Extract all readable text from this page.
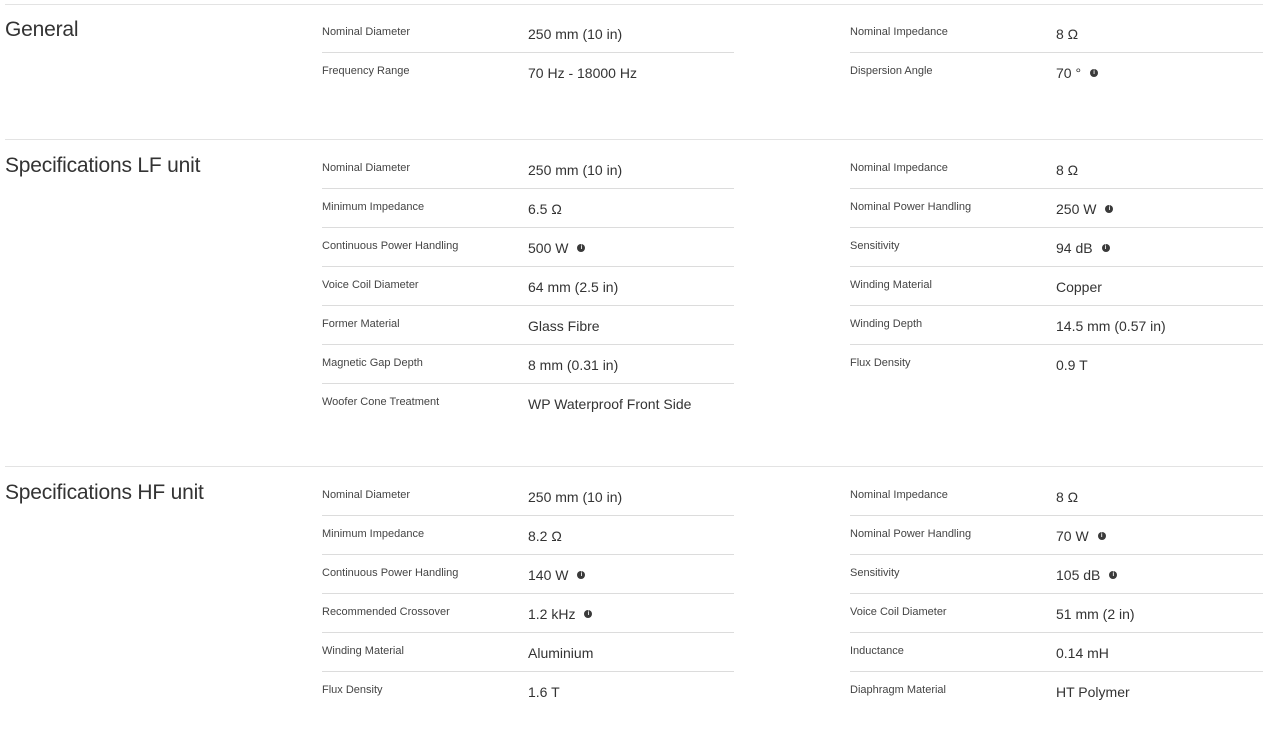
General	Nominal Diameter	250 mm (10 in)
Frequency Range	70 Hz - 18000 Hz
Nominal Impedance	8 Ω
Dispersion Angle	70 °	i
Specifications LF unit	Nominal Diameter	250 mm (10 in)
Minimum Impedance	6.5 Ω
Continuous Power Handling	500 W	i
Voice Coil Diameter	64 mm (2.5 in)
Former Material	Glass Fibre
Magnetic Gap Depth	8 mm (0.31 in)
Woofer Cone Treatment	WP Waterproof Front Side
Nominal Impedance	8 Ω
Nominal Power Handling	250 W	i
Sensitivity	94 dB	i
Winding Material	Copper
Winding Depth	14.5 mm (0.57 in)
Flux Density	0.9 T
Specifications HF unit	Nominal Diameter	250 mm (10 in)
Minimum Impedance	8.2 Ω
Continuous Power Handling	140 W	i
Recommended Crossover	1.2 kHz	i
Winding Material	Aluminium
Flux Density	1.6 T
Nominal Impedance	8 Ω
Nominal Power Handling	70 W	i
Sensitivity	105 dB	i
Voice Coil Diameter	51 mm (2 in)
Inductance	0.14 mH
Diaphragm Material	HT Polymer
